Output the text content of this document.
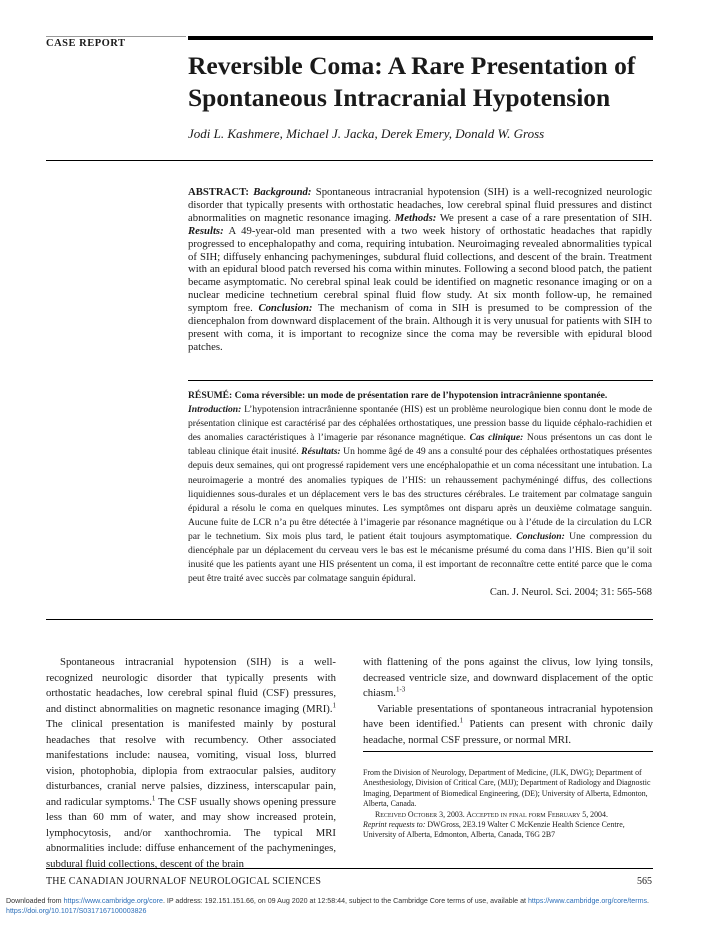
CASE REPORT
Reversible Coma: A Rare Presentation of Spontaneous Intracranial Hypotension
Jodi L. Kashmere, Michael J. Jacka, Derek Emery, Donald W. Gross
ABSTRACT: Background: Spontaneous intracranial hypotension (SIH) is a well-recognized neurologic disorder that typically presents with orthostatic headaches, low cerebral spinal fluid pressures and distinct abnormalities on magnetic resonance imaging. Methods: We present a case of a rare presentation of SIH. Results: A 49-year-old man presented with a two week history of orthostatic headaches that rapidly progressed to encephalopathy and coma, requiring intubation. Neuroimaging revealed abnormalities typical of SIH; diffusely enhancing pachymeninges, subdural fluid collections, and descent of the brain. Treatment with an epidural blood patch reversed his coma within minutes. Following a second blood patch, the patient became asymptomatic. No cerebral spinal leak could be identified on magnetic resonance imaging or on a nuclear medicine technetium cerebral spinal fluid flow study. At six month follow-up, he remained symptom free. Conclusion: The mechanism of coma in SIH is presumed to be compression of the diencephalon from downward displacement of the brain. Although it is very unusual for patients with SIH to present with coma, it is important to recognize since the coma may be reversible with epidural blood patches.
RÉSUMÉ: Coma réversible: un mode de présentation rare de l’hypotension intracrânienne spontanée.
Introduction: L’hypotension intracrânienne spontanée (HIS) est un problème neurologique bien connu dont le mode de présentation clinique est caractérisé par des céphalées orthostatiques, une pression basse du liquide céphalo-rachidien et des anomalies caractéristiques à l’imagerie par résonance magnétique. Cas clinique: Nous présentons un cas dont le tableau clinique était inusité. Résultats: Un homme âgé de 49 ans a consulté pour des céphalées orthostatiques présentes depuis deux semaines, qui ont progressé rapidement vers une encéphalopathie et un coma nécessitant une intubation. La neuroimagerie a montré des anomalies typiques de l’HIS: un rehaussement pachyméningé diffus, des collections liquidiennes sous-durales et un déplacement vers le bas des structures cérébrales. Le traitement par colmatage sanguin épidural a résolu le coma en quelques minutes. Les symptômes ont disparu après un deuxième colmatage sanguin. Aucune fuite de LCR n’a pu être détectée à l’imagerie par résonance magnétique ou à l’étude de la circulation du LCR par le technetium. Six mois plus tard, le patient était toujours asymptomatique. Conclusion: Une compression du diencéphale par un déplacement du cerveau vers le bas est le mécanisme présumé du coma dans l’HIS. Bien qu’il soit inusité que les patients ayant une HIS présentent un coma, il est important de reconnaître cette entité parce que le coma peut être traité avec succès par colmatage sanguin épidural.
Can. J. Neurol. Sci. 2004; 31: 565-568

Spontaneous intracranial hypotension (SIH) is a well-recognized neurologic disorder that typically presents with orthostatic headaches, low cerebral spinal fluid (CSF) pressures, and distinct abnormalities on magnetic resonance imaging (MRI).$^1$ The clinical presentation is manifested mainly by postural headaches that resolve with recumbency. Other associated manifestations include: nausea, vomiting, visual loss, blurred vision, photophobia, diplopia from extraocular palsies, auditory disturbances, cranial nerve palsies, dizziness, interscapular pain, and radicular symptoms.$^1$ The CSF usually shows opening pressure less than 60 mm of water, and may show increased protein, lymphocytosis, and/or xanthochromia. The typical MRI abnormalities include: diffuse enhancement of the pachymeninges, subdural fluid collections, descent of the brain

with flattening of the pons against the clivus, low lying tonsils, decreased ventricle size, and downward displacement of the optic chiasm.$^{1-3}$

Variable presentations of spontaneous intracranial hypotension have been identified.$^1$ Patients can present with chronic daily headache, normal CSF pressure, or normal MRI.

From the Division of Neurology, Department of Medicine, (JLK, DWG); Department of Anesthesiology, Division of Critical Care, (MJJ); Department of Radiology and Diagnostic Imaging, Department of Biomedical Engineering, (DE); University of Alberta, Edmonton, Alberta, Canada.

Received October 3, 2003. Accepted in final form February 5, 2004.

Reprint requests to: DWGross, 2E3.19 Walter C McKenzie Health Science Centre, University of Alberta, Edmonton, Alberta, Canada, T6G 2B7

THE CANADIAN JOURNALOF NEUROLOGICAL SCIENCES	565
Downloaded from https://www.cambridge.org/core. IP address: 192.151.151.66, on 09 Aug 2020 at 12:58:44, subject to the Cambridge Core terms of use, available at https://www.cambridge.org/core/terms.
https://doi.org/10.1017/S0317167100003826
